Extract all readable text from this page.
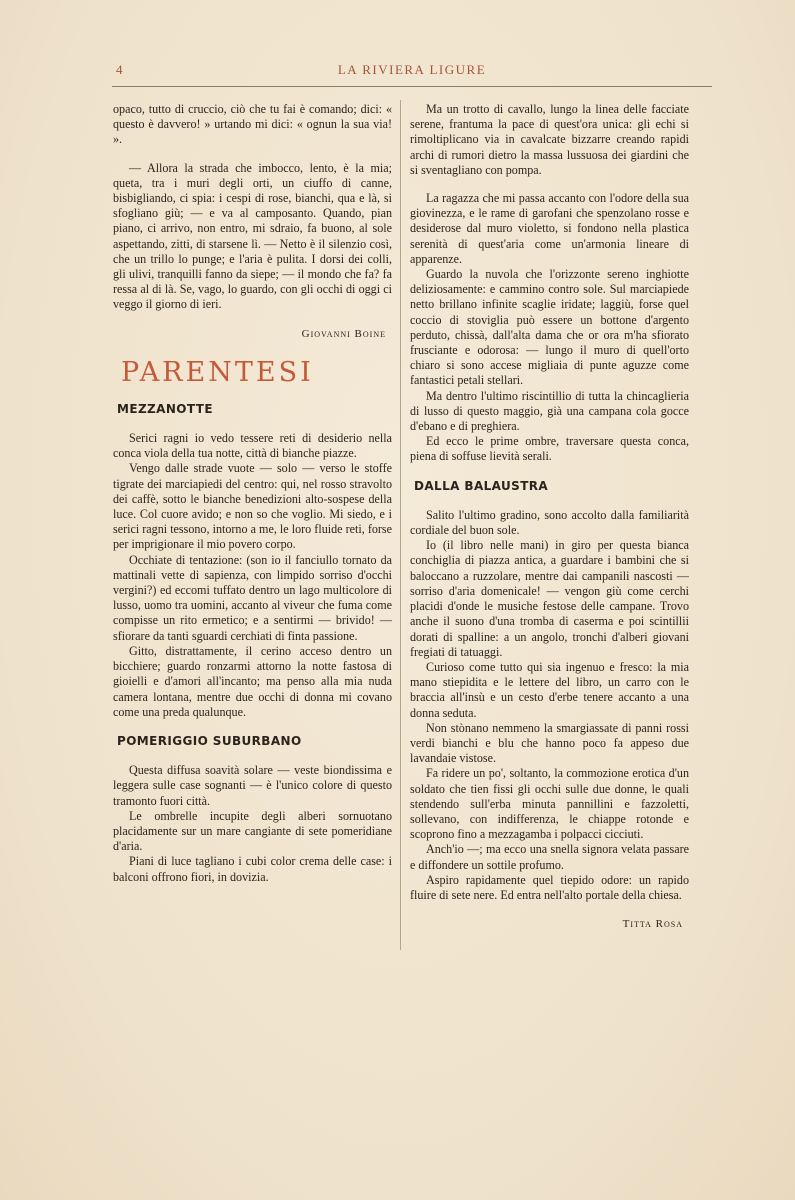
4	LA RIVIERA LIGURE

opaco, tutto di cruccio, ciò che tu fai è comando; dici: « questo è davvero! » urtando mi dici: « ognun la sua via! ».

— Allora la strada che imbocco, lento, è la mia; queta, tra i muri degli orti, un ciuffo di canne, bisbigliando, ci spia: i cespi di rose, bianchi, qua e là, si sfogliano giù; — e va al camposanto. Quando, pian piano, ci arrivo, non entro, mi sdraio, fa buono, al sole aspettando, zitti, di starsene lì. — Netto è il silenzio così, che un trillo lo punge; e l'aria è pulita. I dorsi dei colli, gli ulivi, tranquilli fanno da siepe; — il mondo che fa? fa ressa al di là. Se, vago, lo guardo, con gli occhi di oggi ci veggo il giorno di ieri.

Giovanni Boine
PARENTESI
MEZZANOTTE

Serici ragni io vedo tessere reti di desiderio nella conca viola della tua notte, città di bianche piazze.

Vengo dalle strade vuote — solo — verso le stoffe tigrate dei marciapiedi del centro: qui, nel rosso stravolto dei caffè, sotto le bianche benedizioni alto-sospese della luce. Col cuore avido; e non so che voglio. Mi siedo, e i serici ragni tessono, intorno a me, le loro fluide reti, forse per imprigionare il mio povero corpo.

Occhiate di tentazione: (son io il fanciullo tornato da mattinali vette di sapienza, con limpido sorriso d'occhi vergini?) ed eccomi tuffato dentro un lago multicolore di lusso, uomo tra uomini, accanto al viveur che fuma come compisse un rito ermetico; e a sentirmi — brivido! — sfiorare da tanti sguardi cerchiati di finta passione.

Gitto, distrattamente, il cerino acceso dentro un bicchiere; guardo ronzarmi attorno la notte fastosa di gioielli e d'amori all'incanto; ma penso alla mia nuda camera lontana, mentre due occhi di donna mi covano come una preda qualunque.

POMERIGGIO SUBURBANO

Questa diffusa soavità solare — veste biondissima e leggera sulle case sognanti — è l'unico colore di questo tramonto fuori città.

Le ombrelle incupite degli alberi sornuotano placidamente sur un mare cangiante di sete pomeridiane d'aria.

Piani di luce tagliano i cubi color crema delle case: i balconi offrono fiori, in dovizia.

Ma un trotto di cavallo, lungo la linea delle facciate serene, frantuma la pace di quest'ora unica: gli echi si rimoltiplicano via in cavalcate bizzarre creando rapidi archi di rumori dietro la massa lussuosa dei giardini che si sventagliano con pompa.

La ragazza che mi passa accanto con l'odore della sua giovinezza, e le rame di garofani che spenzolano rosse e desiderose dal muro violetto, si fondono nella plastica serenità di quest'aria come un'armonia lineare di apparenze.

Guardo la nuvola che l'orizzonte sereno inghiotte deliziosamente: e cammino contro sole. Sul marciapiede netto brillano infinite scaglie iridate; laggiù, forse quel coccio di stoviglia può essere un bottone d'argento perduto, chissà, dall'alta dama che or ora m'ha sfiorato frusciante e odorosa: — lungo il muro di quell'orto chiaro si sono accese migliaia di punte aguzze come fantastici petali stellari.

Ma dentro l'ultimo riscintillio di tutta la chincaglieria di lusso di questo maggio, già una campana cola gocce d'ebano e di preghiera.

Ed ecco le prime ombre, traversare questa conca, piena di soffuse lievità serali.

DALLA BALAUSTRA

Salito l'ultimo gradino, sono accolto dalla familiarità cordiale del buon sole.

Io (il libro nelle mani) in giro per questa bianca conchiglia di piazza antica, a guardare i bambini che si baloccano a ruzzolare, mentre dai campanili nascosti — sorriso d'aria domenicale! — vengon giù come cerchi placidi d'onde le musiche festose delle campane. Trovo anche il suono d'una tromba di caserma e poi scintillii dorati di spalline: a un angolo, tronchi d'alberi giovani fregiati di tatuaggi.

Curioso come tutto qui sia ingenuo e fresco: la mia mano stiepidita e le lettere del libro, un carro con le braccia all'insù e un cesto d'erbe tenere accanto a una donna seduta.

Non stònano nemmeno la smargiassate di panni rossi verdi bianchi e blu che hanno poco fa appeso due lavandaie vistose.

Fa ridere un po', soltanto, la commozione erotica d'un soldato che tien fissi gli occhi sulle due donne, le quali stendendo sull'erba minuta pannillini e fazzoletti, sollevano, con indifferenza, le chiappe rotonde e scoprono fino a mezzagamba i polpacci cicciuti.

Anch'io —; ma ecco una snella signora velata passare e diffondere un sottile profumo.

Aspiro rapidamente quel tiepido odore: un rapido fluire di sete nere. Ed entra nell'alto portale della chiesa.

Titta Rosa
